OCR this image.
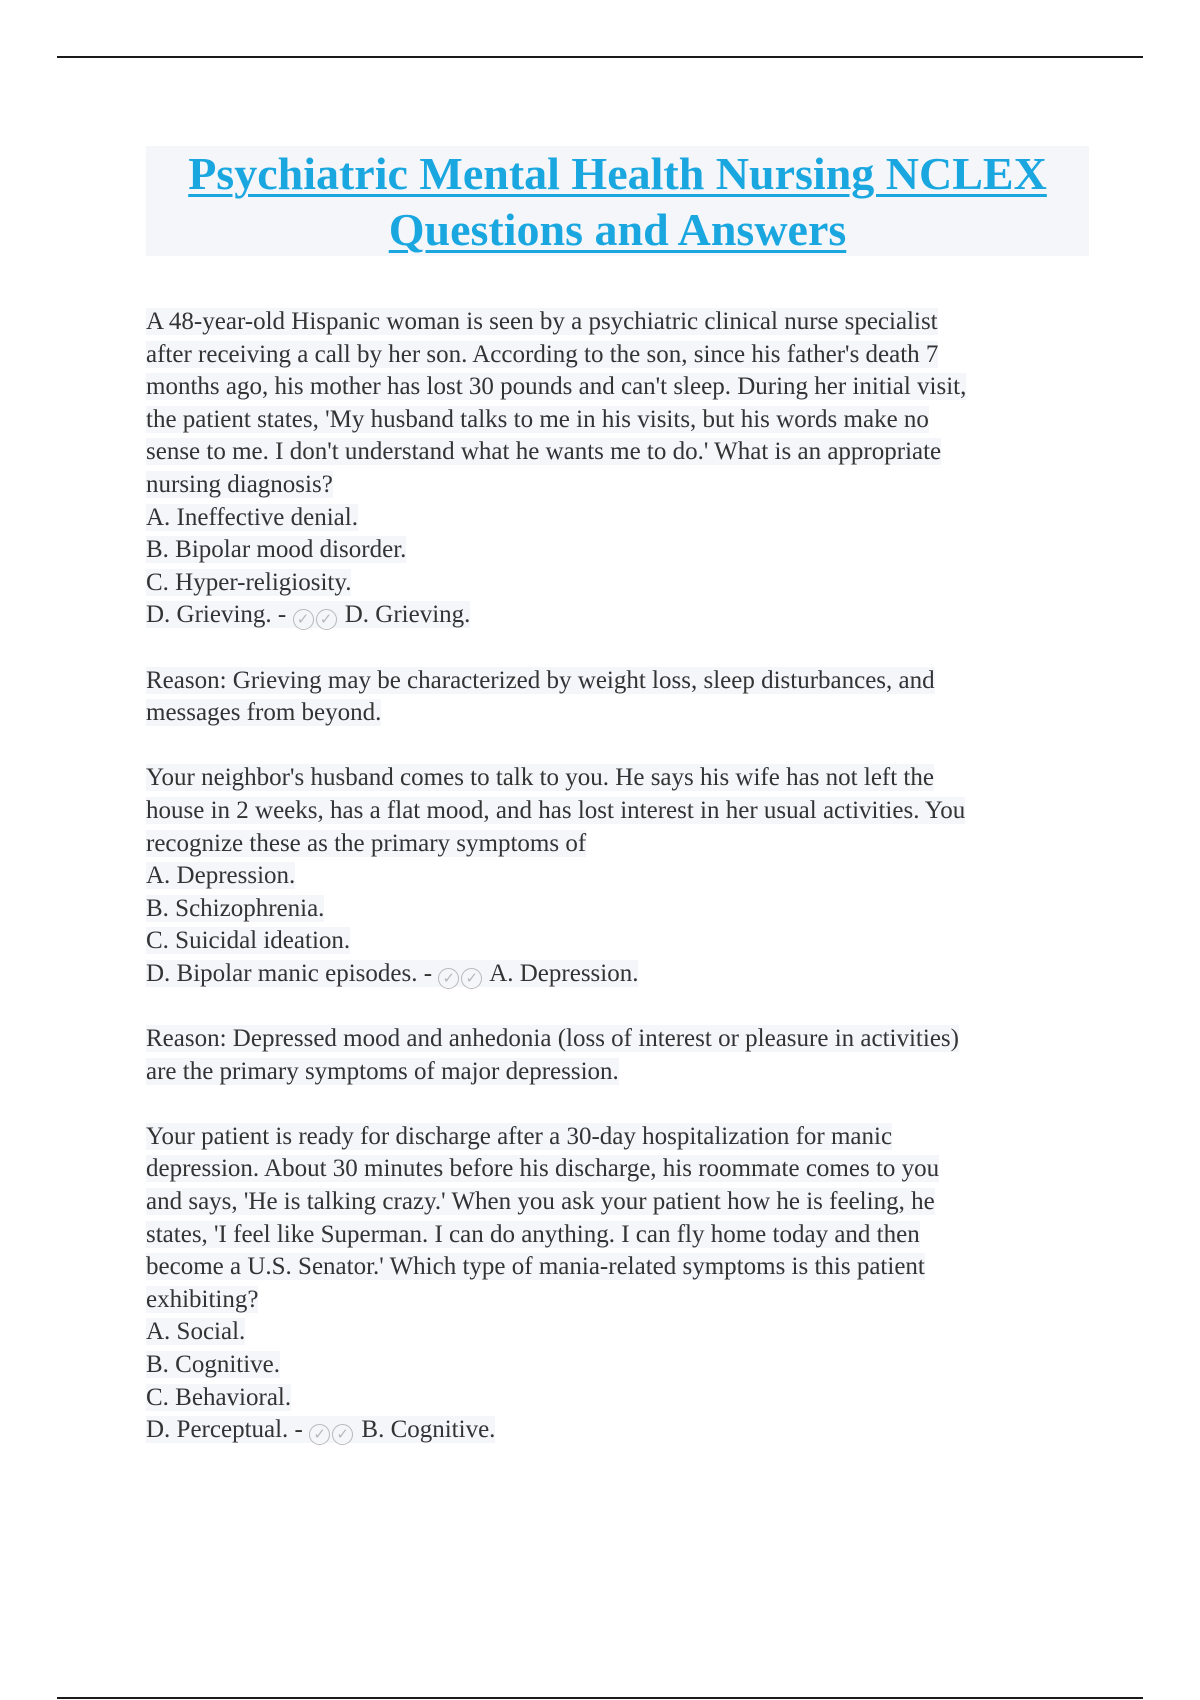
Psychiatric Mental Health Nursing NCLEX
Questions and Answers
A 48-year-old Hispanic woman is seen by a psychiatric clinical nurse specialist
after receiving a call by her son. According to the son, since his father's death 7
months ago, his mother has lost 30 pounds and can't sleep. During her initial visit,
the patient states, 'My husband talks to me in his visits, but his words make no
sense to me. I don't understand what he wants me to do.' What is an appropriate
nursing diagnosis?
A. Ineffective denial.
B. Bipolar mood disorder.
C. Hyper-religiosity.
D. Grieving. - ✓ ✓ D. Grieving.
Reason: Grieving may be characterized by weight loss, sleep disturbances, and
messages from beyond.
Your neighbor's husband comes to talk to you. He says his wife has not left the
house in 2 weeks, has a flat mood, and has lost interest in her usual activities. You
recognize these as the primary symptoms of
A. Depression.
B. Schizophrenia.
C. Suicidal ideation.
D. Bipolar manic episodes. - ✓ ✓ A. Depression.
Reason: Depressed mood and anhedonia (loss of interest or pleasure in activities)
are the primary symptoms of major depression.
Your patient is ready for discharge after a 30-day hospitalization for manic
depression. About 30 minutes before his discharge, his roommate comes to you
and says, 'He is talking crazy.' When you ask your patient how he is feeling, he
states, 'I feel like Superman. I can do anything. I can fly home today and then
become a U.S. Senator.' Which type of mania-related symptoms is this patient
exhibiting?
A. Social.
B. Cognitive.
C. Behavioral.
D. Perceptual. - ✓ ✓ B. Cognitive.
